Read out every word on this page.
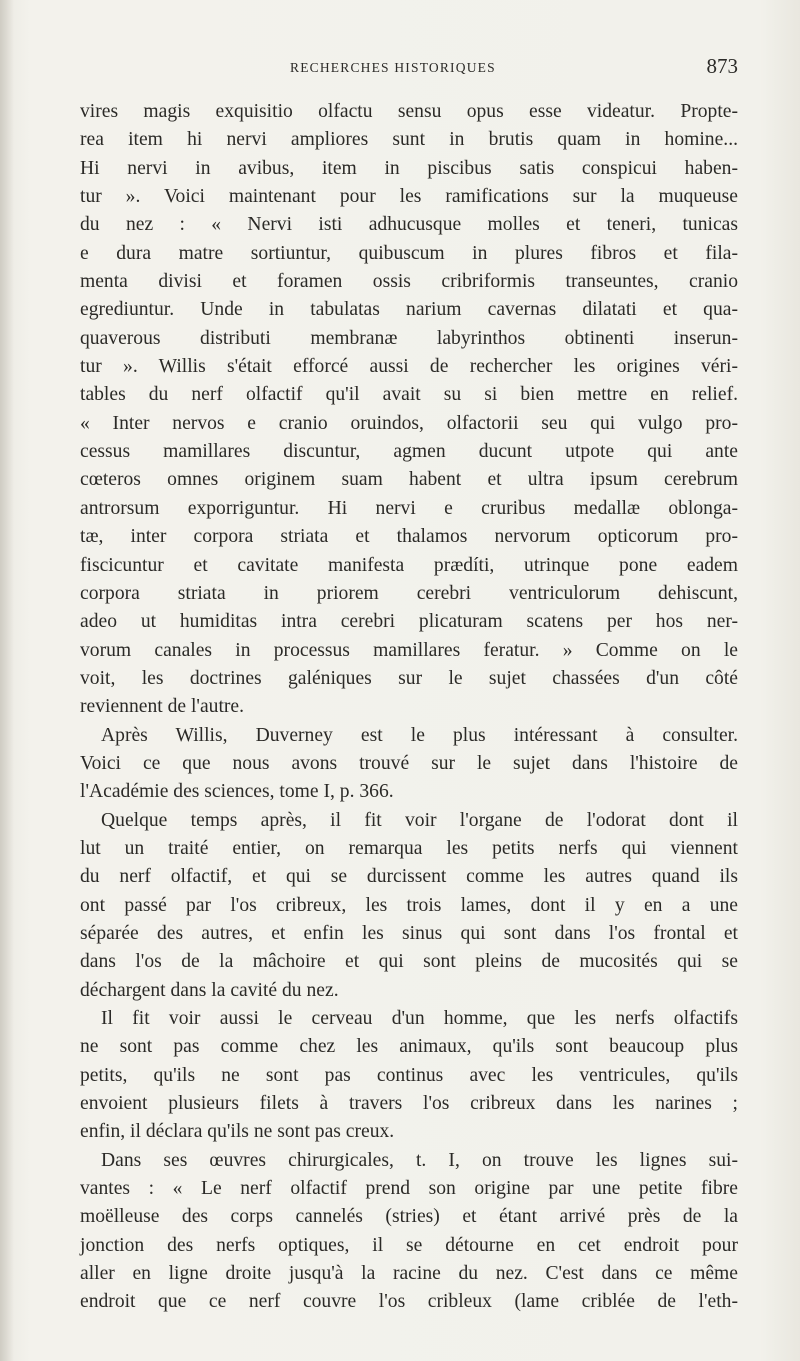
RECHERCHES HISTORIQUES	873
vires magis exquisitio olfactu sensu opus esse videatur. Propte-
rea item hi nervi ampliores sunt in brutis quam in homine...
Hi nervi in avibus, item in piscibus satis conspicui haben-
tur ». Voici maintenant pour les ramifications sur la muqueuse
du nez : « Nervi isti adhucusque molles et teneri, tunicas
e dura matre sortiuntur, quibuscum in plures fibros et fila-
menta divisi et foramen ossis cribriformis transeuntes, cranio
egrediuntur. Unde in tabulatas narium cavernas dilatati et qua-
quaverous distributi membranæ labyrinthos obtinenti inserun-
tur ». Willis s'était efforcé aussi de rechercher les origines véri-
tables du nerf olfactif qu'il avait su si bien mettre en relief.
« Inter nervos e cranio oruindos, olfactorii seu qui vulgo pro-
cessus mamillares discuntur, agmen ducunt utpote qui ante
cœteros omnes originem suam habent et ultra ipsum cerebrum
antrorsum exporriguntur. Hi nervi e cruribus medallæ oblonga-
tæ, inter corpora striata et thalamos nervorum opticorum pro-
fiscicuntur et cavitate manifesta prædíti, utrinque pone eadem
corpora striata in priorem cerebri ventriculorum dehiscunt,
adeo ut humiditas intra cerebri plicaturam scatens per hos ner-
vorum canales in processus mamillares feratur. » Comme on le
voit, les doctrines galéniques sur le sujet chassées d'un côté
reviennent de l'autre.
Après Willis, Duverney est le plus intéressant à consulter.
Voici ce que nous avons trouvé sur le sujet dans l'histoire de
l'Académie des sciences, tome I, p. 366.
Quelque temps après, il fit voir l'organe de l'odorat dont il
lut un traité entier, on remarqua les petits nerfs qui viennent
du nerf olfactif, et qui se durcissent comme les autres quand ils
ont passé par l'os cribreux, les trois lames, dont il y en a une
séparée des autres, et enfin les sinus qui sont dans l'os frontal et
dans l'os de la mâchoire et qui sont pleins de mucosités qui se
déchargent dans la cavité du nez.
Il fit voir aussi le cerveau d'un homme, que les nerfs olfactifs
ne sont pas comme chez les animaux, qu'ils sont beaucoup plus
petits, qu'ils ne sont pas continus avec les ventricules, qu'ils
envoient plusieurs filets à travers l'os cribreux dans les narines ;
enfin, il déclara qu'ils ne sont pas creux.
Dans ses œuvres chirurgicales, t. I, on trouve les lignes sui-
vantes : « Le nerf olfactif prend son origine par une petite fibre
moëlleuse des corps cannelés (stries) et étant arrivé près de la
jonction des nerfs optiques, il se détourne en cet endroit pour
aller en ligne droite jusqu'à la racine du nez. C'est dans ce même
endroit que ce nerf couvre l'os cribleux (lame criblée de l'eth-
